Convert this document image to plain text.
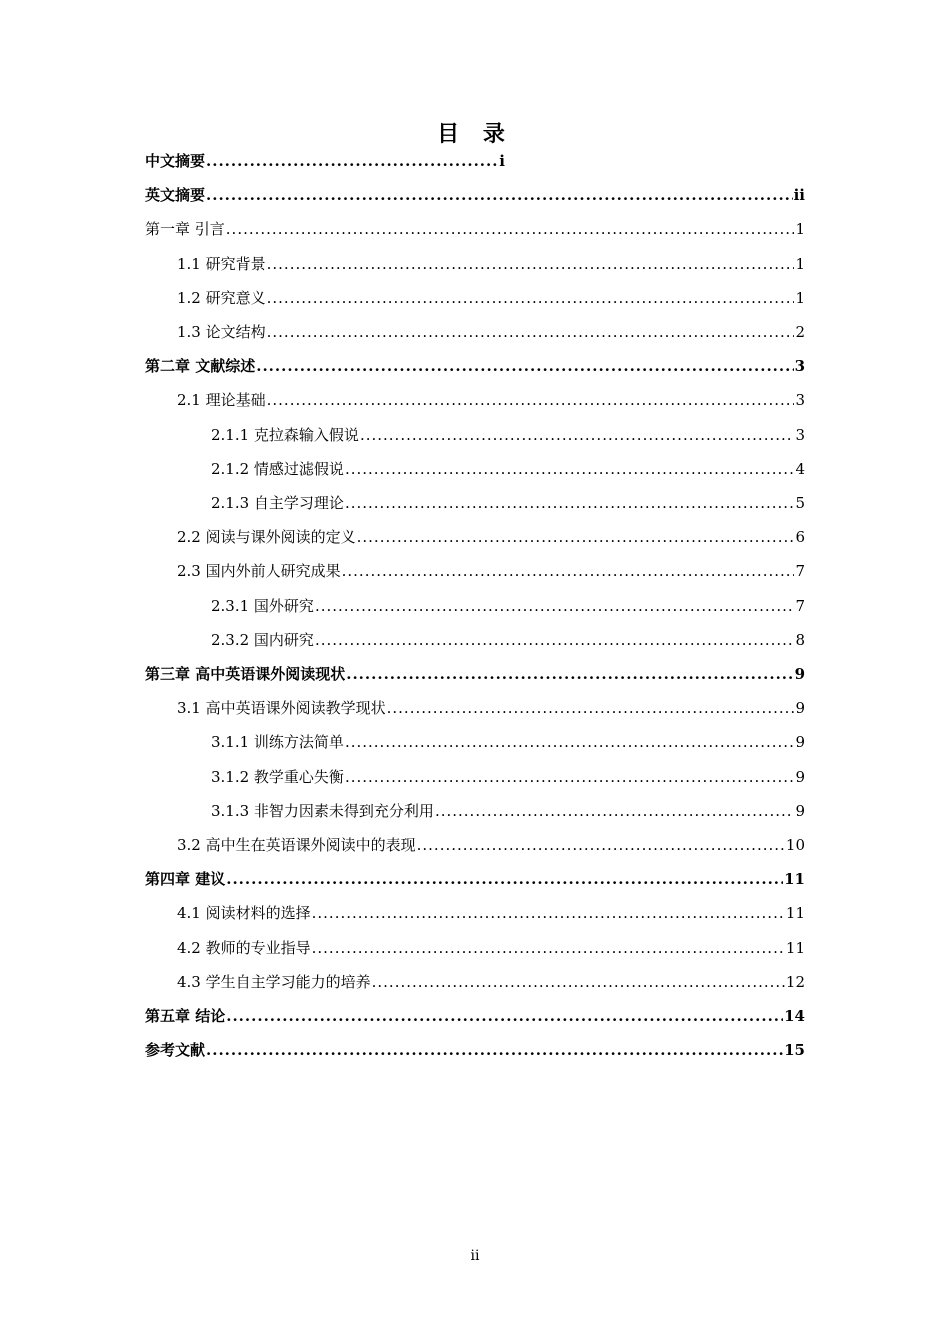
目 录
中文摘要 .....	i
英文摘要 .....	ii
第一章 引言 .....	1
1.1 研究背景 .....	1
1.2 研究意义 .....	1
1.3 论文结构 .....	2
第二章 文献综述 .....	3
2.1 理论基础 .....	3
2.1.1 克拉森输入假说 .....	3
2.1.2 情感过滤假说 .....	4
2.1.3 自主学习理论 .....	5
2.2 阅读与课外阅读的定义 .....	6
2.3 国内外前人研究成果 .....	7
2.3.1 国外研究 .....	7
2.3.2 国内研究 .....	8
第三章 高中英语课外阅读现状 .....	9
3.1 高中英语课外阅读教学现状 .....	9
3.1.1 训练方法简单 .....	9
3.1.2 教学重心失衡 .....	9
3.1.3 非智力因素未得到充分利用 .....	9
3.2 高中生在英语课外阅读中的表现 .....	10
第四章 建议 .....	11
4.1 阅读材料的选择 .....	11
4.2 教师的专业指导 .....	11
4.3 学生自主学习能力的培养 .....	12
第五章 结论 .....	14
参考文献 .....	15
ii
